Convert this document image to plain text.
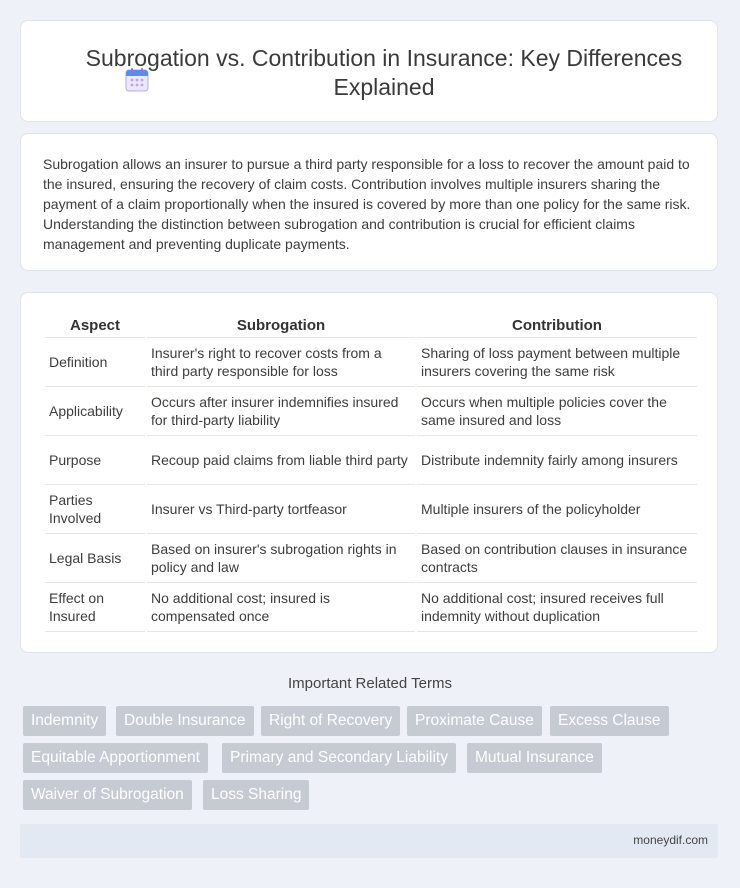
Subrogation vs. Contribution in Insurance: Key Differences Explained

Subrogation allows an insurer to pursue a third party responsible for a loss to recover the amount paid to the insured, ensuring the recovery of claim costs. Contribution involves multiple insurers sharing the payment of a claim proportionally when the insured is covered by more than one policy for the same risk. Understanding the distinction between subrogation and contribution is crucial for efficient claims management and preventing duplicate payments.

Aspect	Subrogation	Contribution
Definition	Insurer's right to recover costs from a third party responsible for loss	Sharing of loss payment between multiple insurers covering the same risk
Applicability	Occurs after insurer indemnifies insured for third-party liability	Occurs when multiple policies cover the same insured and loss
Purpose	Recoup paid claims from liable third party	Distribute indemnity fairly among insurers
Parties Involved	Insurer vs Third-party tortfeasor	Multiple insurers of the policyholder
Legal Basis	Based on insurer's subrogation rights in policy and law	Based on contribution clauses in insurance contracts
Effect on Insured	No additional cost; insured is compensated once	No additional cost; insured receives full indemnity without duplication
Important Related Terms
Indemnity	Double Insurance	Right of Recovery	Proximate Cause	Excess Clause
Equitable Apportionment	Primary and Secondary Liability	Mutual Insurance
Waiver of Subrogation	Loss Sharing
moneydif.com
